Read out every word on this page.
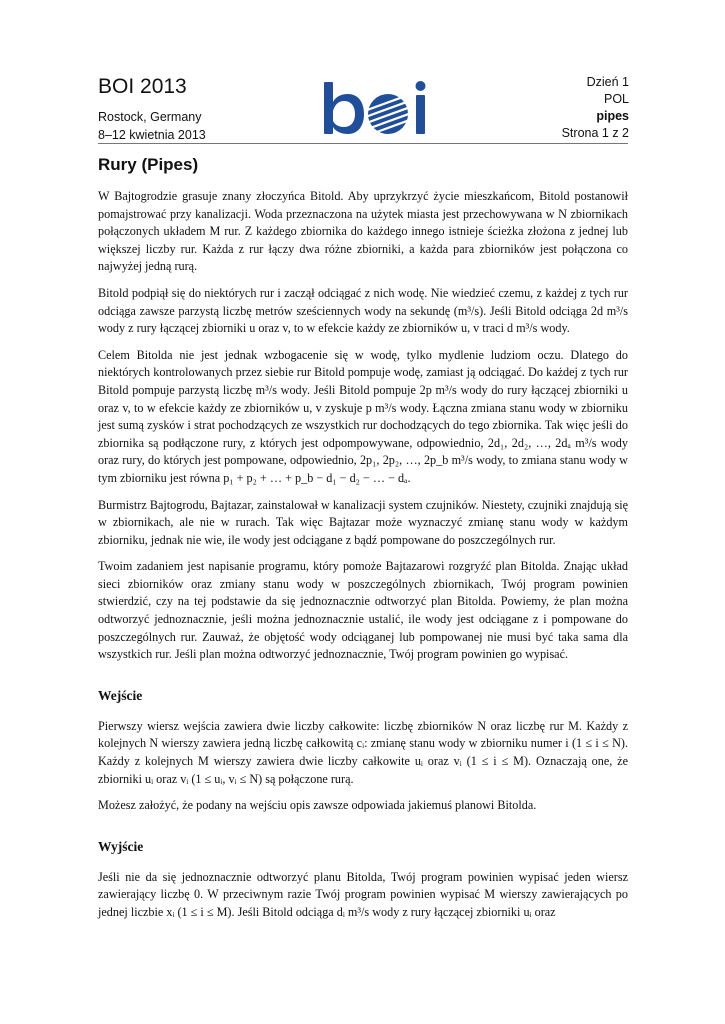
BOI 2013
Rostock, Germany
8–12 kwietnia 2013
Dzień 1
POL
pipes
Strona 1 z 2
Rury (Pipes)

W Bajtogrodzie grasuje znany złoczyńca Bitold. Aby uprzykrzyć życie mieszkańcom, Bitold postanowił pomajstrować przy kanalizacji. Woda przeznaczona na użytek miasta jest przechowywana w N zbiornikach połączonych układem M rur. Z każdego zbiornika do każdego innego istnieje ścieżka złożona z jednej lub większej liczby rur. Każda z rur łączy dwa różne zbiorniki, a każda para zbiorników jest połączona co najwyżej jedną rurą.

Bitold podpiął się do niektórych rur i zaczął odciągać z nich wodę. Nie wiedzieć czemu, z każdej z tych rur odciąga zawsze parzystą liczbę metrów sześciennych wody na sekundę (m³/s). Jeśli Bitold odciąga 2d m³/s wody z rury łączącej zbiorniki u oraz v, to w efekcie każdy ze zbiorników u, v traci d m³/s wody.

Celem Bitolda nie jest jednak wzbogacenie się w wodę, tylko mydlenie ludziom oczu. Dlatego do niektórych kontrolowanych przez siebie rur Bitold pompuje wodę, zamiast ją odciągać. Do każdej z tych rur Bitold pompuje parzystą liczbę m³/s wody. Jeśli Bitold pompuje 2p m³/s wody do rury łączącej zbiorniki u oraz v, to w efekcie każdy ze zbiorników u, v zyskuje p m³/s wody. Łączna zmiana stanu wody w zbiorniku jest sumą zysków i strat pochodzących ze wszystkich rur dochodzących do tego zbiornika. Tak więc jeśli do zbiornika są podłączone rury, z których jest odpompowywane, odpowiednio, 2d₁, 2d₂, …, 2dₐ m³/s wody oraz rury, do których jest pompowane, odpowiednio, 2p₁, 2p₂, …, 2p_b m³/s wody, to zmiana stanu wody w tym zbiorniku jest równa p₁ + p₂ + … + p_b − d₁ − d₂ − … − dₐ.

Burmistrz Bajtogrodu, Bajtazar, zainstalował w kanalizacji system czujników. Niestety, czujniki znajdują się w zbiornikach, ale nie w rurach. Tak więc Bajtazar może wyznaczyć zmianę stanu wody w każdym zbiorniku, jednak nie wie, ile wody jest odciągane z bądź pompowane do poszczególnych rur.

Twoim zadaniem jest napisanie programu, który pomoże Bajtazarowi rozgryźć plan Bitolda. Znając układ sieci zbiorników oraz zmiany stanu wody w poszczególnych zbiornikach, Twój program powinien stwierdzić, czy na tej podstawie da się jednoznacznie odtworzyć plan Bitolda. Powiemy, że plan można odtworzyć jednoznacznie, jeśli można jednoznacznie ustalić, ile wody jest odciągane z i pompowane do poszczególnych rur. Zauważ, że objętość wody odciąganej lub pompowanej nie musi być taka sama dla wszystkich rur. Jeśli plan można odtworzyć jednoznacznie, Twój program powinien go wypisać.

Wejście

Pierwszy wiersz wejścia zawiera dwie liczby całkowite: liczbę zbiorników N oraz liczbę rur M. Każdy z kolejnych N wierszy zawiera jedną liczbę całkowitą cᵢ: zmianę stanu wody w zbiorniku numer i (1 ≤ i ≤ N). Każdy z kolejnych M wierszy zawiera dwie liczby całkowite uᵢ oraz vᵢ (1 ≤ i ≤ M). Oznaczają one, że zbiorniki uᵢ oraz vᵢ (1 ≤ uᵢ, vᵢ ≤ N) są połączone rurą.

Możesz założyć, że podany na wejściu opis zawsze odpowiada jakiemuś planowi Bitolda.

Wyjście

Jeśli nie da się jednoznacznie odtworzyć planu Bitolda, Twój program powinien wypisać jeden wiersz zawierający liczbę 0. W przeciwnym razie Twój program powinien wypisać M wierszy zawierających po jednej liczbie xᵢ (1 ≤ i ≤ M). Jeśli Bitold odciąga dᵢ m³/s wody z rury łączącej zbiorniki uᵢ oraz
